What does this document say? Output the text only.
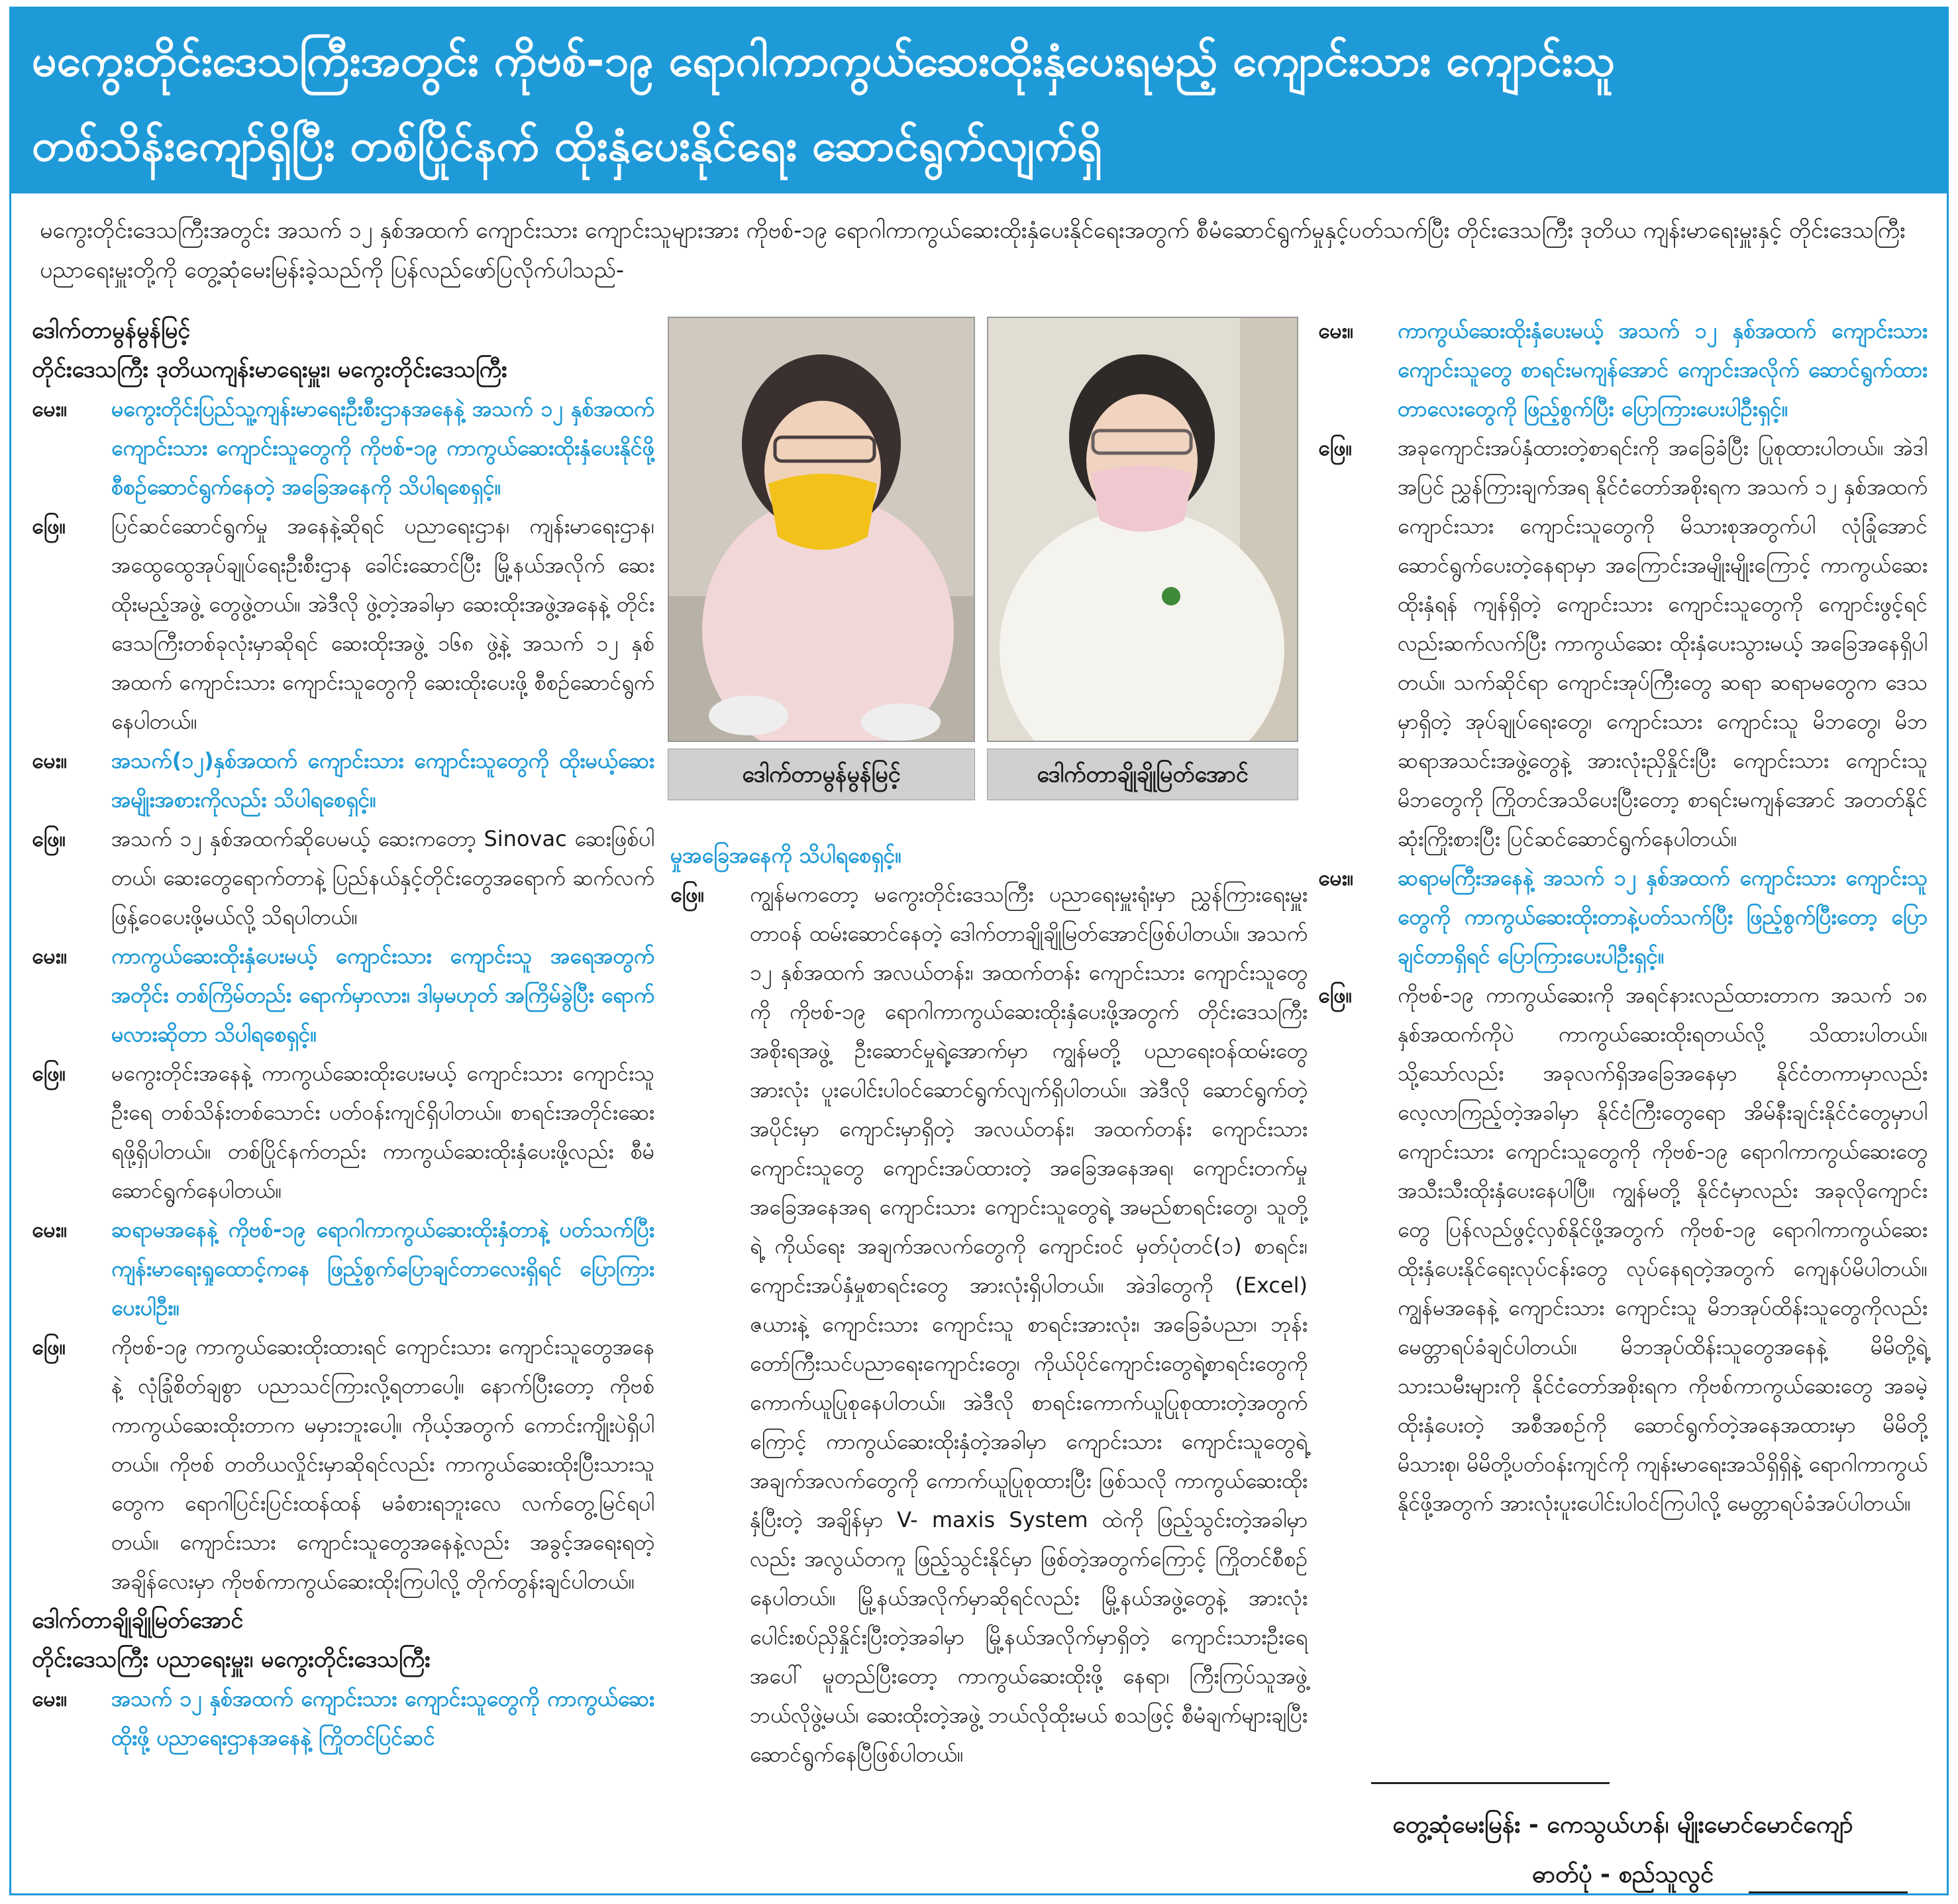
မကွေးတိုင်းဒေသကြီးအတွင်း ကိုဗစ်-၁၉ ရောဂါကာကွယ်ဆေးထိုးနှံပေးရမည့် ကျောင်းသား ကျောင်းသူ
တစ်သိန်းကျော်ရှိပြီး တစ်ပြိုင်နက် ထိုးနှံပေးနိုင်ရေး ဆောင်ရွက်လျက်ရှိ
မကွေးတိုင်းဒေသကြီးအတွင်း အသက် ၁၂ နှစ်အထက် ကျောင်းသား ကျောင်းသူများအား ကိုဗစ်-၁၉ ရောဂါကာကွယ်ဆေးထိုးနှံပေးနိုင်ရေးအတွက် စီမံဆောင်ရွက်မှုနှင့်ပတ်သက်ပြီး တိုင်းဒေသကြီး ဒုတိယ ကျန်းမာရေးမှူးနှင့် တိုင်းဒေသကြီး ပညာရေးမှူးတို့ကို တွေ့ဆုံမေးမြန်းခဲ့သည်ကို ပြန်လည်ဖော်ပြလိုက်ပါသည်-
ဒေါက်တာမွန်မွန်မြင့်
တိုင်းဒေသကြီး ဒုတိယကျန်းမာရေးမှူး၊ မကွေးတိုင်းဒေသကြီး
မေး။	မကွေးတိုင်းပြည်သူ့ကျန်းမာရေးဦးစီးဌာနအနေနဲ့ အသက် ၁၂ နှစ်အထက် ကျောင်းသား ကျောင်းသူတွေကို ကိုဗစ်-၁၉ ကာကွယ်ဆေးထိုးနှံပေးနိုင်ဖို့စီစဉ်ဆောင်ရွက်နေတဲ့ အခြေအနေကို သိပါရစေရှင့်။
ဖြေ။	ပြင်ဆင်ဆောင်ရွက်မှု အနေနဲ့ဆိုရင် ပညာရေးဌာန၊ ကျန်းမာရေးဌာန၊ အထွေထွေအုပ်ချုပ်ရေးဦးစီးဌာန ခေါင်းဆောင်ပြီး မြို့နယ်အလိုက် ဆေးထိုးမည့်အဖွဲ့ တွေဖွဲ့တယ်။ အဲဒီလို ဖွဲ့တဲ့အခါမှာ ဆေးထိုးအဖွဲ့အနေနဲ့ တိုင်းဒေသကြီးတစ်ခုလုံးမှာဆိုရင် ဆေးထိုးအဖွဲ့ ၁၆၈ ဖွဲ့နဲ့ အသက် ၁၂ နှစ်အထက် ကျောင်းသား ကျောင်းသူတွေကို ဆေးထိုးပေးဖို့ စီစဉ်ဆောင်ရွက်နေပါတယ်။
မေး။	အသက်(၁၂)နှစ်အထက် ကျောင်းသား ကျောင်းသူတွေကို ထိုးမယ့်ဆေးအမျိုးအစားကိုလည်း သိပါရစေရှင့်။
ဖြေ။	အသက် ၁၂ နှစ်အထက်ဆိုပေမယ့် ဆေးကတော့ Sinovac ဆေးဖြစ်ပါတယ်၊ ဆေးတွေရောက်တာနဲ့ ပြည်နယ်နှင့်တိုင်းတွေအရောက် ဆက်လက်ဖြန့်ဝေပေးဖို့မယ်လို့ သိရပါတယ်။
မေး။	ကာကွယ်ဆေးထိုးနှံပေးမယ့် ကျောင်းသား ကျောင်းသူ အရေအတွက်အတိုင်း တစ်ကြိမ်တည်း ရောက်မှာလား၊ ဒါမှမဟုတ် အကြိမ်ခွဲပြီး ရောက်မလားဆိုတာ သိပါရစေရှင့်။
ဖြေ။	မကွေးတိုင်းအနေနဲ့ ကာကွယ်ဆေးထိုးပေးမယ့် ကျောင်းသား ကျောင်းသူဦးရေ တစ်သိန်းတစ်သောင်း ပတ်ဝန်းကျင်ရှိပါတယ်။ စာရင်းအတိုင်းဆေးရဖို့ရှိပါတယ်။ တစ်ပြိုင်နက်တည်း ကာကွယ်ဆေးထိုးနှံပေးဖို့လည်း စီမံဆောင်ရွက်နေပါတယ်။
မေး။	ဆရာမအနေနဲ့ ကိုဗစ်-၁၉ ရောဂါကာကွယ်ဆေးထိုးနှံတာနဲ့ ပတ်သက်ပြီး ကျန်းမာရေးရှုထောင့်ကနေ ဖြည့်စွက်ပြောချင်တာလေးရှိရင် ပြောကြားပေးပါဦး။
ဖြေ။	ကိုဗစ်-၁၉ ကာကွယ်ဆေးထိုးထားရင် ကျောင်းသား ကျောင်းသူတွေအနေနဲ့ လုံခြုံစိတ်ချစွာ ပညာသင်ကြားလို့ရတာပေါ့။ နောက်ပြီးတော့ ကိုဗစ်ကာကွယ်ဆေးထိုးတာက မမှားဘူးပေါ့။ ကိုယ့်အတွက် ကောင်းကျိုးပဲရှိပါတယ်။ ကိုဗစ် တတိယလှိုင်းမှာဆိုရင်လည်း ကာကွယ်ဆေးထိုးပြီးသားသူတွေက ရောဂါပြင်းပြင်းထန်ထန် မခံစားရဘူးလေ လက်တွေ့မြင်ရပါတယ်။ ကျောင်းသား ကျောင်းသူတွေအနေနဲ့လည်း အခွင့်အရေးရတဲ့ အချိန်လေးမှာ ကိုဗစ်ကာကွယ်ဆေးထိုးကြပါလို့ တိုက်တွန်းချင်ပါတယ်။
ဒေါက်တာချိုချိုမြတ်အောင်
တိုင်းဒေသကြီး ပညာရေးမှူး၊ မကွေးတိုင်းဒေသကြီး
မေး။	အသက် ၁၂ နှစ်အထက် ကျောင်းသား ကျောင်းသူတွေကို ကာကွယ်ဆေးထိုးဖို့ ပညာရေးဌာနအနေနဲ့ ကြိုတင်ပြင်ဆင်
ဒေါက်တာမွန်မွန်မြင့်	ဒေါက်တာချိုချိုမြတ်အောင်
မှုအခြေအနေကို သိပါရစေရှင့်။
ဖြေ။	ကျွန်မကတော့ မကွေးတိုင်းဒေသကြီး ပညာရေးမှူးရုံးမှာ ညွှန်ကြားရေးမှူးတာဝန် ထမ်းဆောင်နေတဲ့ ဒေါက်တာချိုချိုမြတ်အောင်ဖြစ်ပါတယ်။ အသက် ၁၂ နှစ်အထက် အလယ်တန်း၊ အထက်တန်း ကျောင်းသား ကျောင်းသူတွေကို ကိုဗစ်-၁၉ ရောဂါကာကွယ်ဆေးထိုးနှံပေးဖို့အတွက် တိုင်းဒေသကြီးအစိုးရအဖွဲ့ ဦးဆောင်မှုရဲ့အောက်မှာ ကျွန်မတို့ ပညာရေးဝန်ထမ်းတွေအားလုံး ပူးပေါင်းပါဝင်ဆောင်ရွက်လျက်ရှိပါတယ်။ အဲဒီလို ဆောင်ရွက်တဲ့အပိုင်းမှာ ကျောင်းမှာရှိတဲ့ အလယ်တန်း၊ အထက်တန်း ကျောင်းသား ကျောင်းသူတွေ ကျောင်းအပ်ထားတဲ့ အခြေအနေအရ၊ ကျောင်းတက်မှုအခြေအနေအရ ကျောင်းသား ကျောင်းသူတွေရဲ့ အမည်စာရင်းတွေ၊ သူတို့ရဲ့ ကိုယ်ရေး အချက်အလက်တွေကို ကျောင်းဝင် မှတ်ပုံတင်(၁) စာရင်း၊ ကျောင်းအပ်နှံမှုစာရင်းတွေ အားလုံးရှိပါတယ်။ အဲဒါတွေကို (Excel) ဇယားနဲ့ ကျောင်းသား ကျောင်းသူ စာရင်းအားလုံး၊ အခြေခံပညာ၊ ဘုန်းတော်ကြီးသင်ပညာရေးကျောင်းတွေ၊ ကိုယ်ပိုင်ကျောင်းတွေရဲ့စာရင်းတွေကို ကောက်ယူပြုစုနေပါတယ်။ အဲဒီလို စာရင်းကောက်ယူပြုစုထားတဲ့အတွက်ကြောင့် ကာကွယ်ဆေးထိုးနှံတဲ့အခါမှာ ကျောင်းသား ကျောင်းသူတွေရဲ့ အချက်အလက်တွေကို ကောက်ယူပြုစုထားပြီး ဖြစ်သလို ကာကွယ်ဆေးထိုးနှံပြီးတဲ့ အချိန်မှာ V- maxis System ထဲကို ဖြည့်သွင်းတဲ့အခါမှာလည်း အလွယ်တကူ ဖြည့်သွင်းနိုင်မှာ ဖြစ်တဲ့အတွက်ကြောင့် ကြိုတင်စီစဉ်နေပါတယ်။ မြို့နယ်အလိုက်မှာဆိုရင်လည်း မြို့နယ်အဖွဲ့တွေနဲ့ အားလုံးပေါင်းစပ်ညှိနှိုင်းပြီးတဲ့အခါမှာ မြို့နယ်အလိုက်မှာရှိတဲ့ ကျောင်းသားဦးရေအပေါ် မူတည်ပြီးတော့ ကာကွယ်ဆေးထိုးဖို့ နေရာ၊ ကြီးကြပ်သူအဖွဲ့ ဘယ်လိုဖွဲ့မယ်၊ ဆေးထိုးတဲ့အဖွဲ့ ဘယ်လိုထိုးမယ် စသဖြင့် စီမံချက်များချပြီး ဆောင်ရွက်နေပြီဖြစ်ပါတယ်။
မေး။	ကာကွယ်ဆေးထိုးနှံပေးမယ့် အသက် ၁၂ နှစ်အထက် ကျောင်းသား ကျောင်းသူတွေ စာရင်းမကျန်အောင် ကျောင်းအလိုက် ဆောင်ရွက်ထားတာလေးတွေကို ဖြည့်စွက်ပြီး ပြောကြားပေးပါဦးရှင့်။
ဖြေ။	အခုကျောင်းအပ်နှံထားတဲ့စာရင်းကို အခြေခံပြီး ပြုစုထားပါတယ်။ အဲဒါအပြင် ညွှန်ကြားချက်အရ နိုင်ငံတော်အစိုးရက အသက် ၁၂ နှစ်အထက် ကျောင်းသား ကျောင်းသူတွေကို မိသားစုအတွက်ပါ လုံခြုံအောင် ဆောင်ရွက်ပေးတဲ့နေရာမှာ အကြောင်းအမျိုးမျိုးကြောင့် ကာကွယ်ဆေးထိုးနှံရန် ကျန်ရှိတဲ့ ကျောင်းသား ကျောင်းသူတွေကို ကျောင်းဖွင့်ရင်လည်းဆက်လက်ပြီး ကာကွယ်ဆေး ထိုးနှံပေးသွားမယ့် အခြေအနေရှိပါတယ်။ သက်ဆိုင်ရာ ကျောင်းအုပ်ကြီးတွေ ဆရာ ဆရာမတွေက ဒေသမှာရှိတဲ့ အုပ်ချုပ်ရေးတွေ၊ ကျောင်းသား ကျောင်းသူ မိဘတွေ၊ မိဘဆရာအသင်းအဖွဲ့တွေနဲ့ အားလုံးညှိနှိုင်းပြီး ကျောင်းသား ကျောင်းသူ မိဘတွေကို ကြိုတင်အသိပေးပြီးတော့ စာရင်းမကျန်အောင် အတတ်နိုင်ဆုံးကြိုးစားပြီး ပြင်ဆင်ဆောင်ရွက်နေပါတယ်။
မေး။	ဆရာမကြီးအနေနဲ့ အသက် ၁၂ နှစ်အထက် ကျောင်းသား ကျောင်းသူတွေကို ကာကွယ်ဆေးထိုးတာနဲ့ပတ်သက်ပြီး ဖြည့်စွက်ပြီးတော့ ပြောချင်တာရှိရင် ပြောကြားပေးပါဦးရှင့်။
ဖြေ။	ကိုဗစ်-၁၉ ကာကွယ်ဆေးကို အရင်နားလည်ထားတာက အသက် ၁၈ နှစ်အထက်ကိုပဲ ကာကွယ်ဆေးထိုးရတယ်လို့ သိထားပါတယ်။ သို့သော်လည်း အခုလက်ရှိအခြေအနေမှာ နိုင်ငံတကာမှာလည်း လေ့လာကြည့်တဲ့အခါမှာ နိုင်ငံကြီးတွေရော အိမ်နီးချင်းနိုင်ငံတွေမှာပါ ကျောင်းသား ကျောင်းသူတွေကို ကိုဗစ်-၁၉ ရောဂါကာကွယ်ဆေးတွေ အသီးသီးထိုးနှံပေးနေပါပြီ။ ကျွန်မတို့ နိုင်ငံမှာလည်း အခုလိုကျောင်းတွေ ပြန်လည်ဖွင့်လှစ်နိုင်ဖို့အတွက် ကိုဗစ်-၁၉ ရောဂါကာကွယ်ဆေး ထိုးနှံပေးနိုင်ရေးလုပ်ငန်းတွေ လုပ်နေရတဲ့အတွက် ကျေနပ်မိပါတယ်။ ကျွန်မအနေနဲ့ ကျောင်းသား ကျောင်းသူ မိဘအုပ်ထိန်းသူတွေကိုလည်း မေတ္တာရပ်ခံချင်ပါတယ်။ မိဘအုပ်ထိန်းသူတွေအနေနဲ့ မိမိတို့ရဲ့ သားသမီးများကို နိုင်ငံတော်အစိုးရက ကိုဗစ်ကာကွယ်ဆေးတွေ အခမဲ့ထိုးနှံပေးတဲ့ အစီအစဉ်ကို ဆောင်ရွက်တဲ့အနေအထားမှာ မိမိတို့မိသားစု၊ မိမိတို့ပတ်ဝန်းကျင်ကို ကျန်းမာရေးအသိရှိရှိနဲ့ ရောဂါကာကွယ်နိုင်ဖို့အတွက် အားလုံးပူးပေါင်းပါဝင်ကြပါလို့ မေတ္တာရပ်ခံအပ်ပါတယ်။
တွေ့ဆုံမေးမြန်း - ကေသွယ်ဟန်၊ မျိုးမောင်မောင်ကျော်
ဓာတ်ပုံ - စည်သူလွင်
